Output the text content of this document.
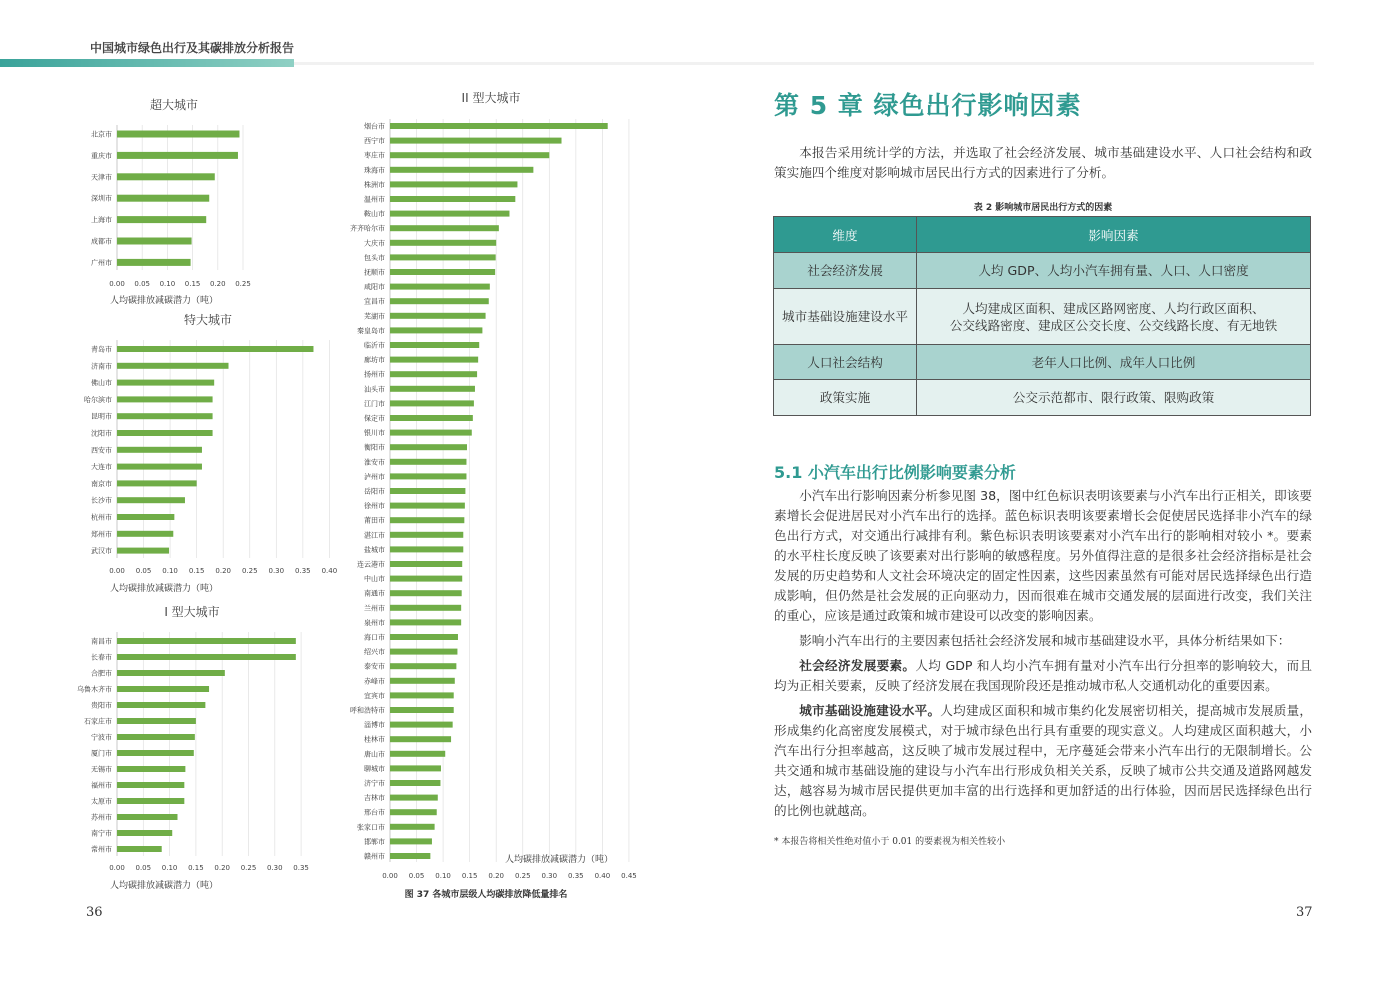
中国城市绿色出行及其碳排放分析报告
超大城市
0.00 0.05 0.10 0.15 0.20 0.25
北京市
重庆市
天津市
深圳市
上海市
成都市
广州市
人均碳排放减碳潜力（吨）
特大城市
0.00 0.05 0.10 0.15 0.20 0.25 0.30 0.35 0.40
青岛市
济南市
佛山市
哈尔滨市
昆明市
沈阳市
西安市
大连市
南京市
长沙市
杭州市
郑州市
武汉市
人均碳排放减碳潜力（吨）
I 型大城市
0.00 0.05 0.10 0.15 0.20 0.25 0.30 0.35
南昌市
长春市
合肥市
乌鲁木齐市
贵阳市
石家庄市
宁波市
厦门市
无锡市
福州市
太原市
苏州市
南宁市
常州市
人均碳排放减碳潜力（吨）
II 型大城市
0.00 0.05 0.10 0.15 0.20 0.25 0.30 0.35 0.40 0.45
烟台市
西宁市
枣庄市
珠海市
株洲市
温州市
鞍山市
齐齐哈尔市
大庆市
包头市
抚顺市
咸阳市
宜昌市
芜湖市
秦皇岛市
临沂市
廊坊市
扬州市
汕头市
江门市
保定市
银川市
衡阳市
淮安市
泸州市
岳阳市
徐州市
莆田市
湛江市
盐城市
连云港市
中山市
南通市
兰州市
泉州市
海口市
绍兴市
泰安市
赤峰市
宜宾市
呼和浩特市
淄博市
桂林市
唐山市
聊城市
济宁市
吉林市
邢台市
张家口市
邯郸市
赣州市	人均碳排放减碳潜力（吨）
图 37 各城市层级人均碳排放降低量排名
36	37
第 5 章 绿色出行影响因素

本报告采用统计学的方法，并选取了社会经济发展、城市基础建设水平、人口社会结构和政策实施四个维度对影响城市居民出行方式的因素进行了分析。

表 2 影响城市居民出行方式的因素
维度	影响因素
社会经济发展	人均 GDP、人均小汽车拥有量、人口、人口密度
城市基础设施建设水平	人均建成区面积、建成区路网密度、人均行政区面积、
公交线路密度、建成区公交长度、公交线路长度、有无地铁

人口社会结构	老年人口比例、成年人口比例
政策实施	公交示范都市、限行政策、限购政策
5.1 小汽车出行比例影响要素分析

小汽车出行影响因素分析参见图 38，图中红色标识表明该要素与小汽车出行正相关，即该要素增长会促进居民对小汽车出行的选择。蓝色标识表明该要素增长会促使居民选择非小汽车的绿色出行方式，对交通出行减排有利。紫色标识表明该要素对小汽车出行的影响相对较小 *。要素的水平柱长度反映了该要素对出行影响的敏感程度。另外值得注意的是很多社会经济指标是社会发展的历史趋势和人文社会环境决定的固定性因素，这些因素虽然有可能对居民选择绿色出行造成影响，但仍然是社会发展的正向驱动力，因而很难在城市交通发展的层面进行改变，我们关注的重心，应该是通过政策和城市建设可以改变的影响因素。

影响小汽车出行的主要因素包括社会经济发展和城市基础建设水平，具体分析结果如下：

社会经济发展要素。人均 GDP 和人均小汽车拥有量对小汽车出行分担率的影响较大，而且均为正相关要素，反映了经济发展在我国现阶段还是推动城市私人交通机动化的重要因素。

城市基础设施建设水平。人均建成区面积和城市集约化发展密切相关，提高城市发展质量，形成集约化高密度发展模式，对于城市绿色出行具有重要的现实意义。人均建成区面积越大，小汽车出行分担率越高，这反映了城市发展过程中，无序蔓延会带来小汽车出行的无限制增长。公共交通和城市基础设施的建设与小汽车出行形成负相关关系，反映了城市公共交通及道路网越发达，越容易为城市居民提供更加丰富的出行选择和更加舒适的出行体验，因而居民选择绿色出行的比例也就越高。

* 本报告将相关性绝对值小于 0.01 的要素视为相关性较小
